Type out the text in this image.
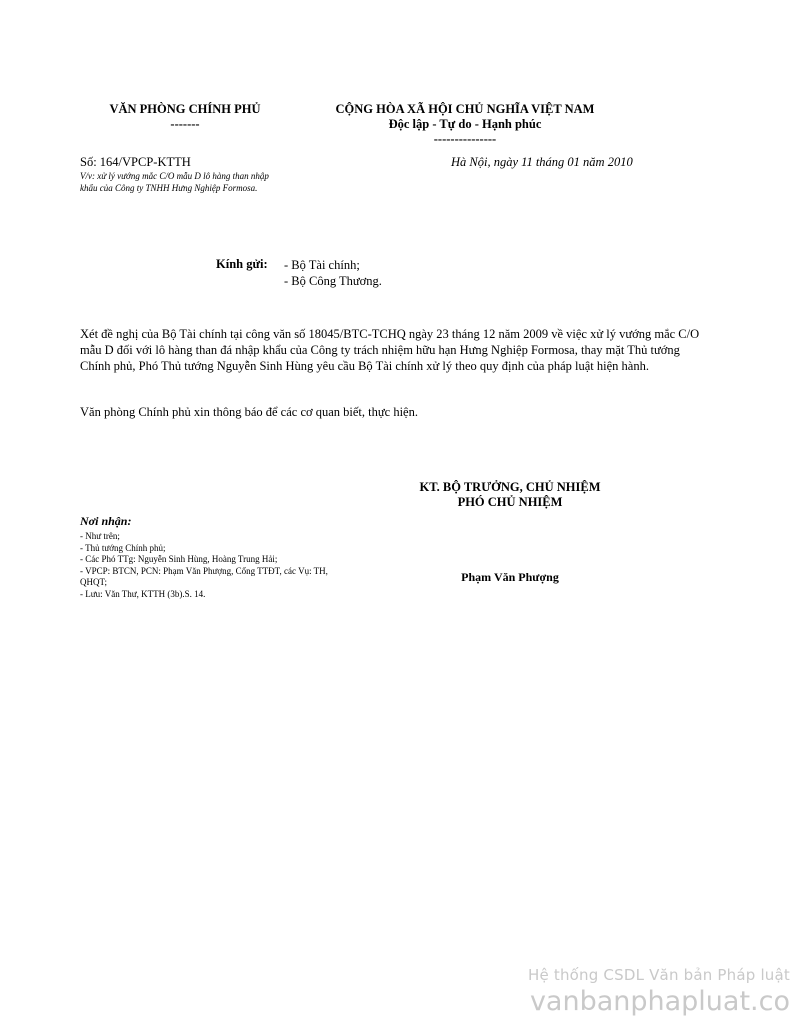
VĂN PHÒNG CHÍNH PHỦ
-------
CỘNG HÒA XÃ HỘI CHỦ NGHĨA VIỆT NAM
Độc lập - Tự do - Hạnh phúc
---------------
Số: 164/VPCP-KTTH
V/v: xử lý vướng mắc C/O mẫu D lô hàng than nhập khẩu của Công ty TNHH Hưng Nghiệp Formosa.
Hà Nội, ngày 11 tháng 01 năm 2010
Kính gửi: - Bộ Tài chính;
- Bộ Công Thương.
Xét đề nghị của Bộ Tài chính tại công văn số 18045/BTC-TCHQ ngày 23 tháng 12 năm 2009 về việc xử lý vướng mắc C/O mẫu D đối với lô hàng than đá nhập khẩu của Công ty trách nhiệm hữu hạn Hưng Nghiệp Formosa, thay mặt Thủ tướng Chính phủ, Phó Thủ tướng Nguyễn Sinh Hùng yêu cầu Bộ Tài chính xử lý theo quy định của pháp luật hiện hành.
Văn phòng Chính phủ xin thông báo để các cơ quan biết, thực hiện.
KT. BỘ TRƯỞNG, CHỦ NHIỆM
PHÓ CHỦ NHIỆM
Phạm Văn Phượng
Nơi nhận:
- Như trên;
- Thủ tướng Chính phủ;
- Các Phó TTg: Nguyễn Sinh Hùng, Hoàng Trung Hải;
- VPCP: BTCN, PCN: Phạm Văn Phượng, Cổng TTĐT, các Vụ: TH, QHQT;
- Lưu: Văn Thư, KTTH (3b).S. 14.
Hệ thống CSDL Văn bản Pháp luật
vanbanphapluat.co
